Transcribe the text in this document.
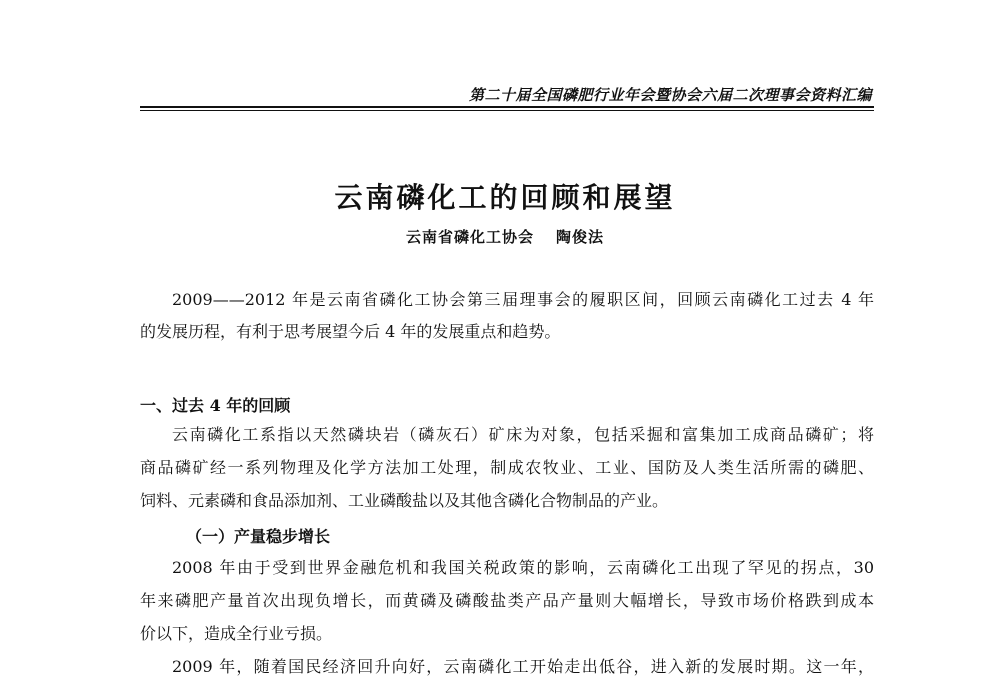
第二十届全国磷肥行业年会暨协会六届二次理事会资料汇编
云南磷化工的回顾和展望
云南省磷化工协会 陶俊法
2009——2012 年是云南省磷化工协会第三届理事会的履职区间，回顾云南磷化工过去 4 年
的发展历程，有利于思考展望今后 4 年的发展重点和趋势。
一、过去 4 年的回顾
云南磷化工系指以天然磷块岩（磷灰石）矿床为对象，包括采掘和富集加工成商品磷矿；将
商品磷矿经一系列物理及化学方法加工处理，制成农牧业、工业、国防及人类生活所需的磷肥、
饲料、元素磷和食品添加剂、工业磷酸盐以及其他含磷化合物制品的产业。
（一）产量稳步增长
2008 年由于受到世界金融危机和我国关税政策的影响，云南磷化工出现了罕见的拐点，30
年来磷肥产量首次出现负增长，而黄磷及磷酸盐类产品产量则大幅增长，导致市场价格跌到成本
价以下，造成全行业亏损。
2009 年，随着国民经济回升向好，云南磷化工开始走出低谷，进入新的发展时期。这一年，
